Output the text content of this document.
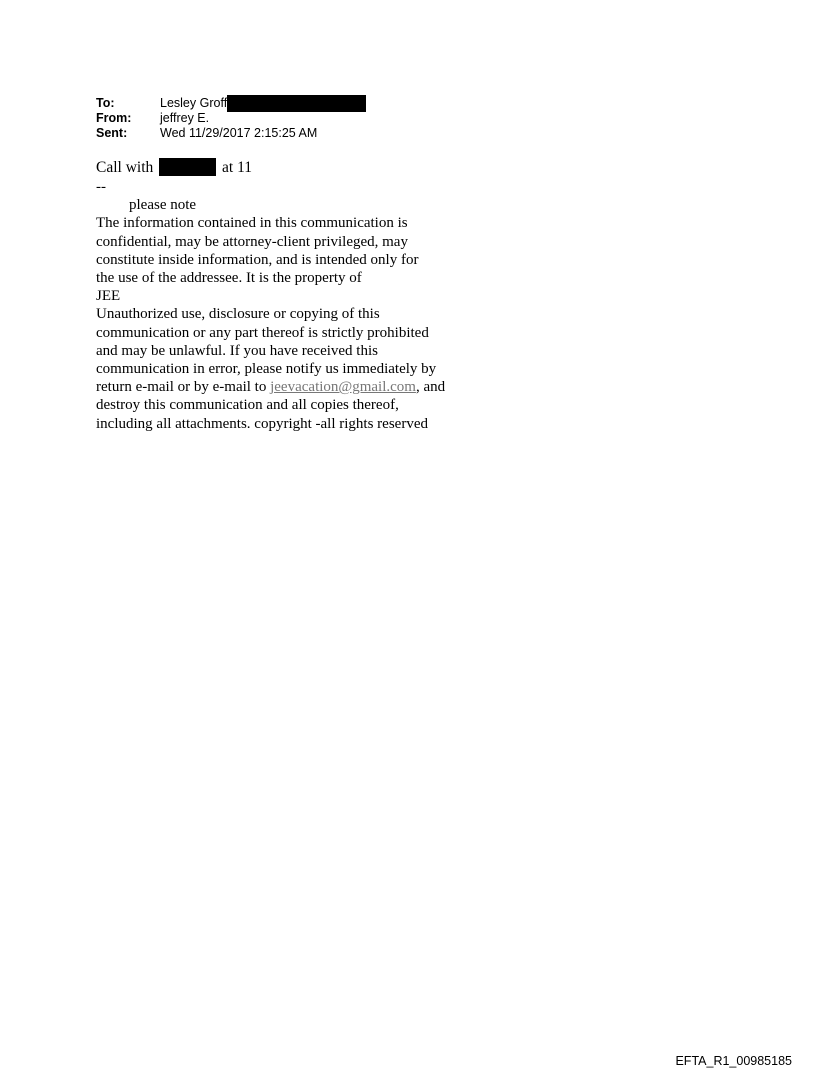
To:	Lesley Groff
From: jeffrey E.
Sent:	Wed 11/29/2017 2:15:25 AM
Call with	at 11
--
please note
The information contained in this communication is
confidential, may be attorney-client privileged, may
constitute inside information, and is intended only for
the use of the addressee. It is the property of
JEE
Unauthorized use, disclosure or copying of this
communication or any part thereof is strictly prohibited
and may be unlawful. If you have received this
communication in error, please notify us immediately by
return e-mail or by e-mail to jeevacation@gmail.com, and
destroy this communication and all copies thereof,
including all attachments. copyright -all rights reserved
EFTA_R1_00985185
